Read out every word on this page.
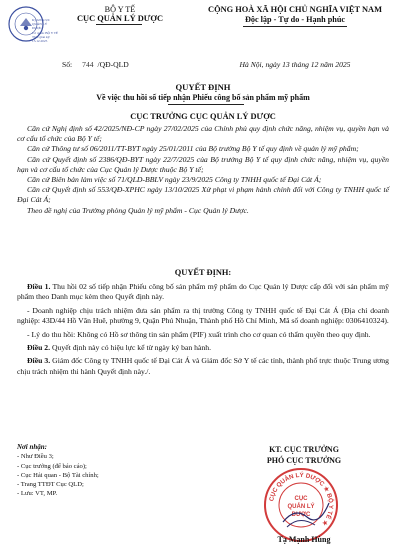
Ký bởi: CỤC
QUẢN LÝ
DƯỢC
Cơ quan: BỘ Y TẾ
Thời gian ký:
15.12.2025
BỘ Y TẾ
CỤC QUẢN LÝ DƯỢC
Số: 744 /QĐ-QLD
CỘNG HOÀ XÃ HỘI CHỦ NGHĨA VIỆT NAM
Độc lập - Tự do - Hạnh phúc
Hà Nội, ngày 13 tháng 12 năm 2025
QUYẾT ĐỊNH
Về việc thu hồi số tiếp nhận Phiếu công bố sản phẩm mỹ phẩm
CỤC TRƯỞNG CỤC QUẢN LÝ DƯỢC

Căn cứ Nghị định số 42/2025/NĐ-CP ngày 27/02/2025 của Chính phủ quy định chức năng, nhiệm vụ, quyền hạn và cơ cấu tổ chức của Bộ Y tế;

Căn cứ Thông tư số 06/2011/TT-BYT ngày 25/01/2011 của Bộ trưởng Bộ Y tế quy định về quản lý mỹ phẩm;

Căn cứ Quyết định số 2386/QĐ-BYT ngày 22/7/2025 của Bộ trưởng Bộ Y tế quy định chức năng, nhiệm vụ, quyền hạn và cơ cấu tổ chức của Cục Quản lý Dược thuộc Bộ Y tế;

Căn cứ Biên bản làm việc số 71/QLD-BBLV ngày 23/9/2025 Công ty TNHH quốc tế Đại Cát Á;

Căn cứ Quyết định số 553/QĐ-XPHC ngày 13/10/2025 Xử phạt vi phạm hành chính đối với Công ty TNHH quốc tế Đại Cát Á;

Theo đề nghị của Trưởng phòng Quản lý mỹ phẩm - Cục Quản lý Dược.

QUYẾT ĐỊNH:

Điều 1. Thu hồi 02 số tiếp nhận Phiếu công bố sản phẩm mỹ phẩm do Cục Quản lý Dược cấp đối với sản phẩm mỹ phẩm theo Danh mục kèm theo Quyết định này.

- Doanh nghiệp chịu trách nhiệm đưa sản phẩm ra thị trường Công ty TNHH quốc tế Đại Cát Á (Địa chỉ doanh nghiệp: 43D/44 Hồ Văn Huê, phường 9, Quận Phú Nhuận, Thành phố Hồ Chí Minh, Mã số doanh nghiệp: 0306410324).

- Lý do thu hồi: Không có Hồ sơ thông tin sản phẩm (PIF) xuất trình cho cơ quan có thẩm quyền theo quy định.

Điều 2. Quyết định này có hiệu lực kể từ ngày ký ban hành.

Điều 3. Giám đốc Công ty TNHH quốc tế Đại Cát Á và Giám đốc Sở Y tế các tỉnh, thành phố trực thuộc Trung ương chịu trách nhiệm thi hành Quyết định này./.

Nơi nhận:
- Như Điều 3;
- Cục trưởng (để báo cáo);
- Cục Hải quan - Bộ Tài chính;
- Trang TTĐT Cục QLD;
- Lưu: VT, MP.
KT. CỤC TRƯỞNG
PHÓ CỤC TRƯỞNG
CỤC QUẢN LÝ DƯỢC ★ BỘ Y TẾ ★
CỤC
QUẢN LÝ
DƯỢC
Tạ Mạnh Hùng
